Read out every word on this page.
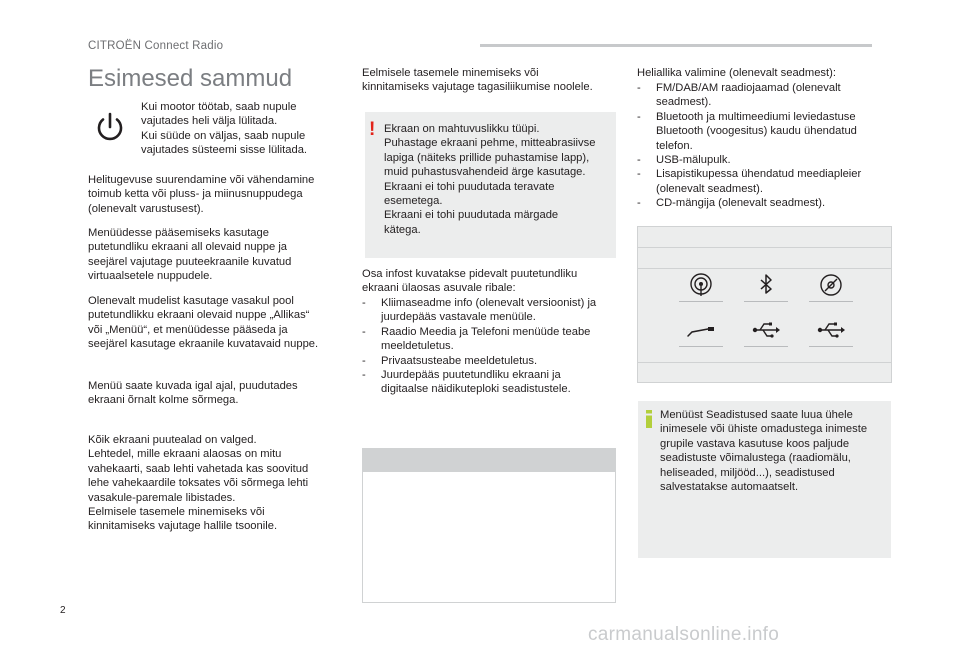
CITROËN Connect Radio
Esimesed sammud

Kui mootor töötab, saab nupule
vajutades heli välja lülitada.
Kui süüde on väljas, saab nupule
vajutades süsteemi sisse lülitada.

Helitugevuse suurendamine või vähendamine
toimub ketta või pluss- ja miinusnuppudega
(olenevalt varustusest).

Menüüdesse pääsemiseks kasutage
putetundliku ekraani all olevaid nuppe ja
seejärel vajutage puuteekraanile kuvatud
virtuaalsetele nuppudele.

Olenevalt mudelist kasutage vasakul pool
putetundlikku ekraani olevaid nuppe „Allikas“
või „Menüü“, et menüüdesse pääseda ja
seejärel kasutage ekraanile kuvatavaid nuppe.

Menüü saate kuvada igal ajal, puudutades
ekraani õrnalt kolme sõrmega.

Kõik ekraani puutealad on valged.
Lehtedel, mille ekraani alaosas on mitu
vahekaarti, saab lehti vahetada kas soovitud
lehe vahekaardile toksates või sõrmega lehti
vasakule-paremale libistades.
Eelmisele tasemele minemiseks või
kinnitamiseks vajutage hallile tsoonile.

Eelmisele tasemele minemiseks või
kinnitamiseks vajutage tagasiliikumise noolele.

! Ekraan on mahtuvuslikku tüüpi.
Puhastage ekraani pehme, mitteabrasiivse
lapiga (näiteks prillide puhastamise lapp),
muid puhastusvahendeid ärge kasutage.
Ekraani ei tohi puudutada teravate
esemetega.
Ekraani ei tohi puudutada märgade
kätega.

Osa infost kuvatakse pidevalt puutetundliku
ekraani ülaosas asuvale ribale:

- Kliimaseadme info (olenevalt versioonist) ja
juurdepääs vastavale menüüle.
- Raadio Meedia ja Telefoni menüüde teabe
meeldetuletus.
- Privaatsusteabe meeldetuletus.
- Juurdepääs puutetundliku ekraani ja
digitaalse näidikuteploki seadistustele.

Heliallika valimine (olenevalt seadmest):

- FM/DAB/AM raadiojaamad (olenevalt
seadmest).
- Bluetooth ja multimeediumi leviedastuse
Bluetooth (voogesitus) kaudu ühendatud
telefon.
- USB-mälupulk.
- Lisapistikupessa ühendatud meediapleier
(olenevalt seadmest).
- CD-mängija (olenevalt seadmest).

Menüüst Seadistused saate luua ühele
inimesele või ühiste omadustega inimeste
grupile vastava kasutuse koos paljude
seadistuste võimalustega (raadiomälu,
heliseaded, miljööd...), seadistused
salvestatakse automaatselt.

2
carmanualsonline.info
